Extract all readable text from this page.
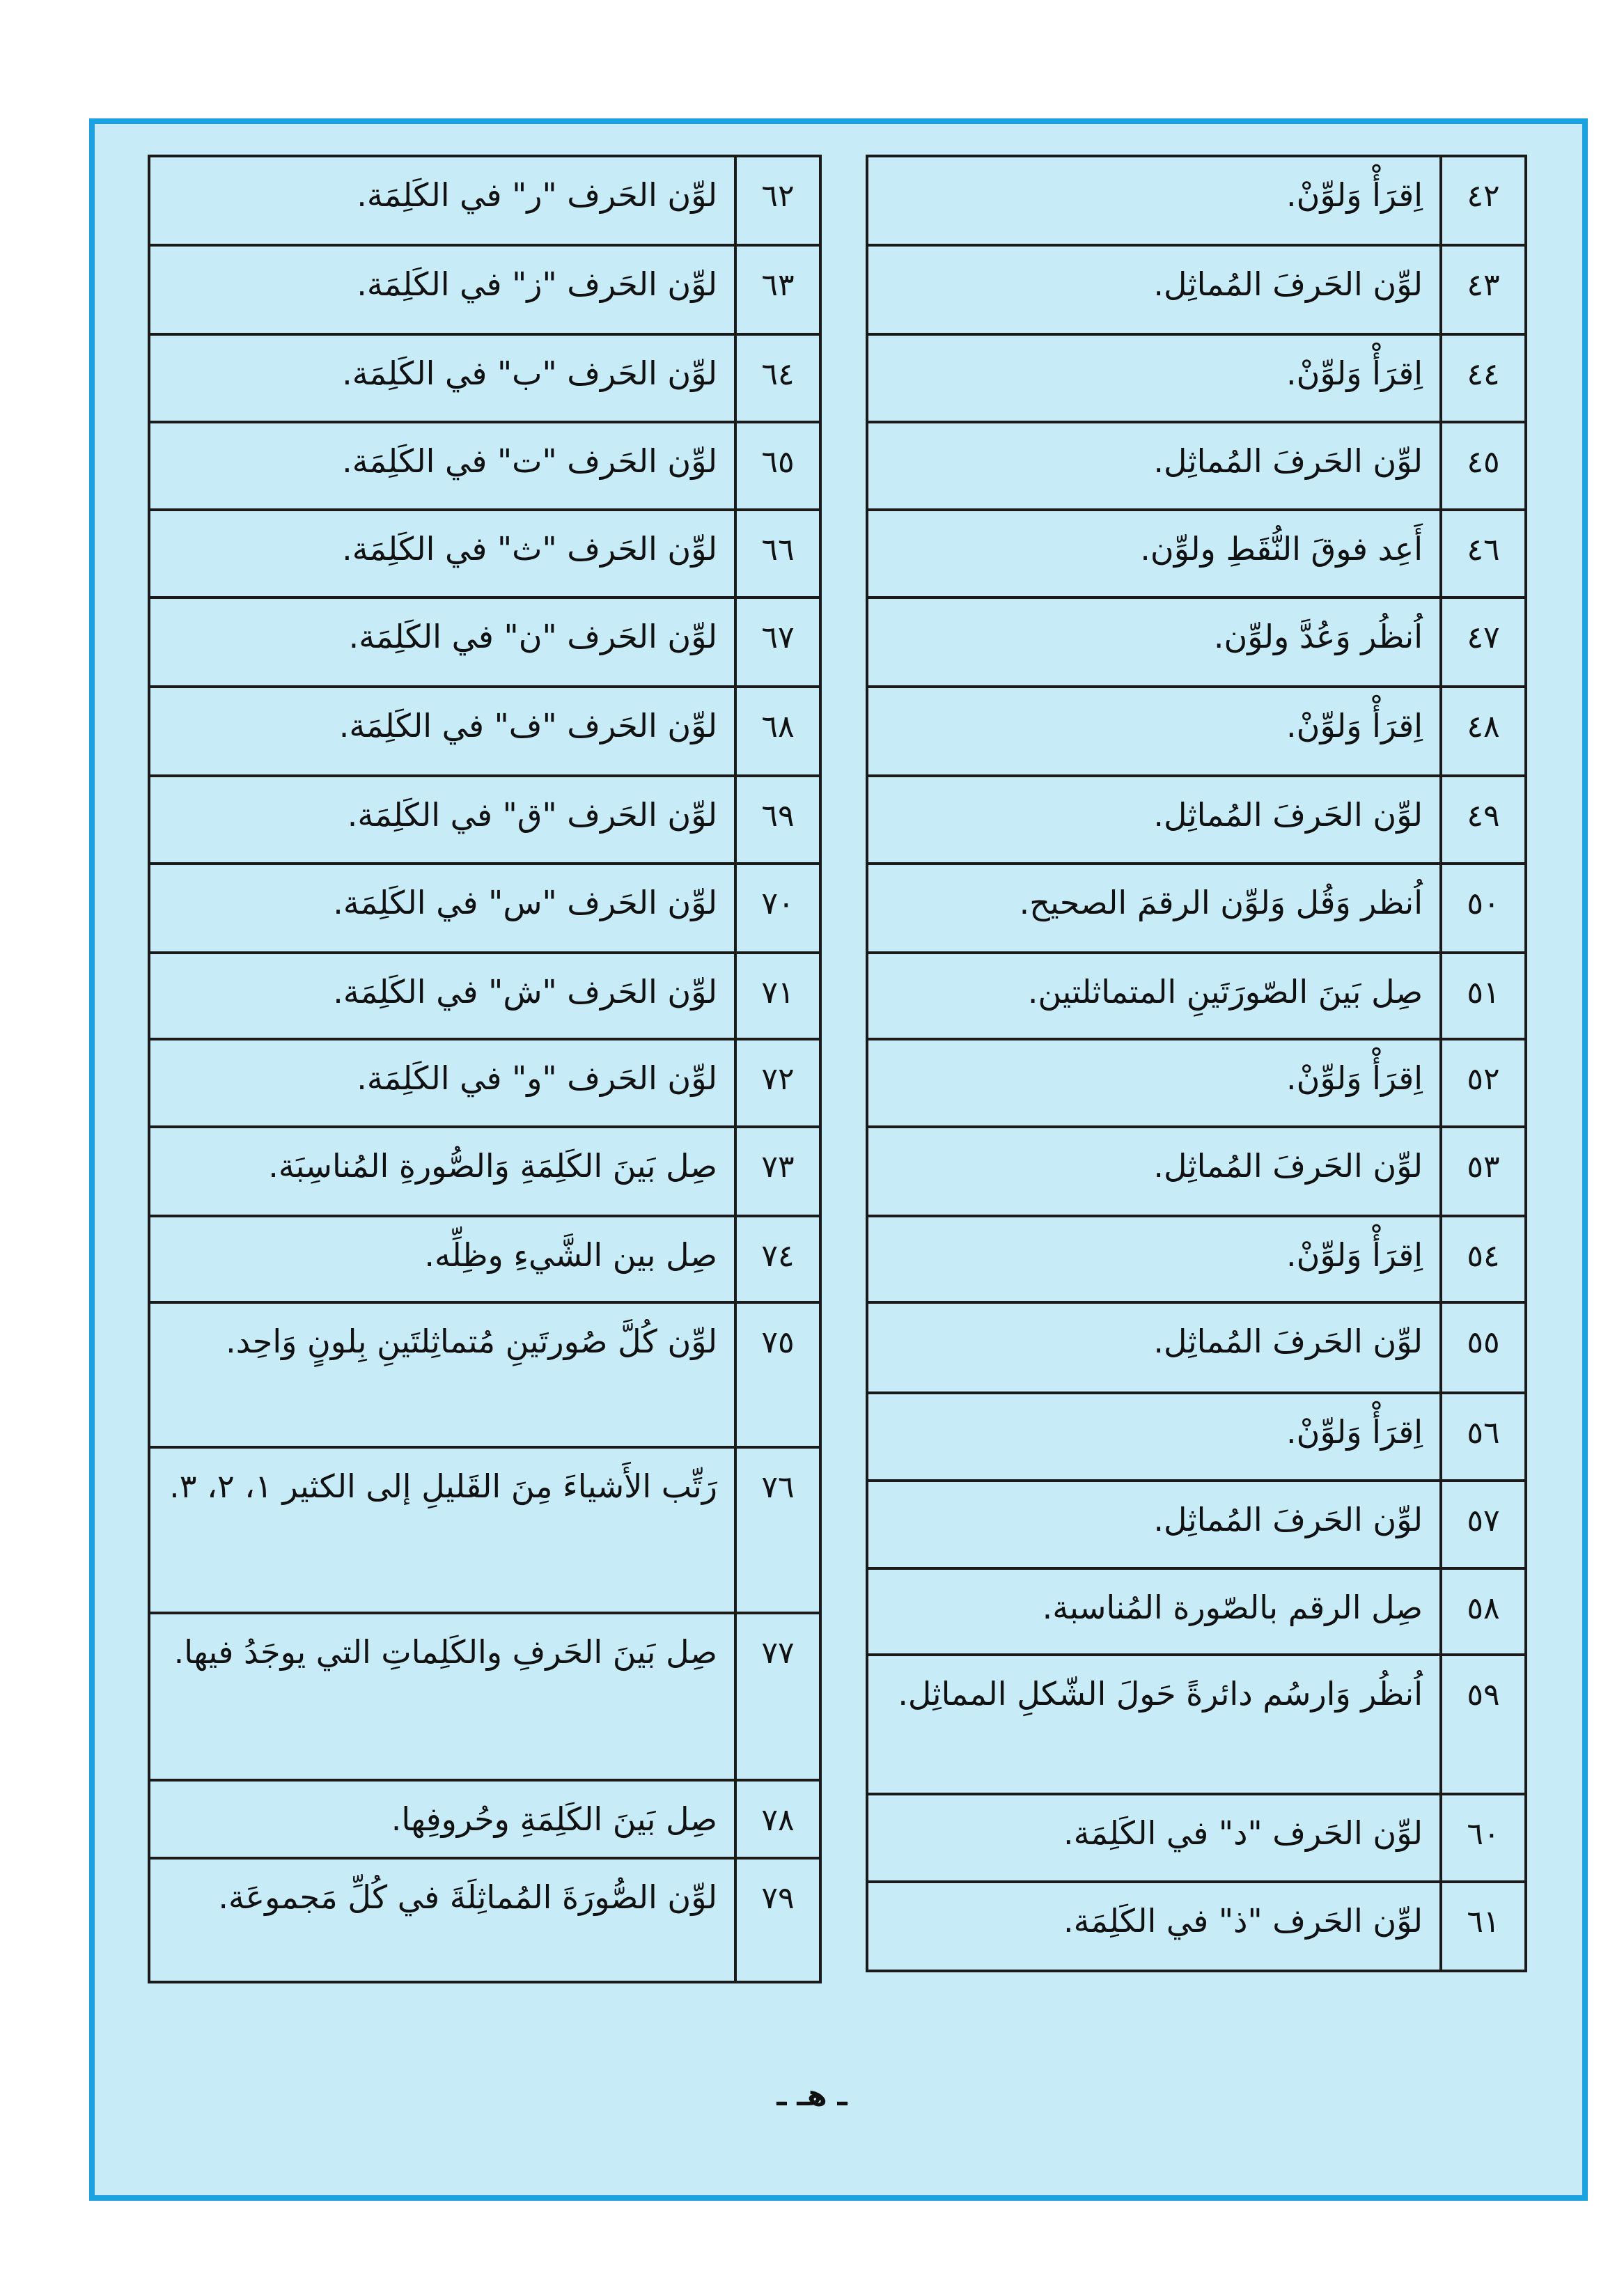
٤٢	اِقرَأْ وَلوِّنْ.
٤٣	لوِّن الحَرفَ المُماثِل.
٤٤	اِقرَأْ وَلوِّنْ.
٤٥	لوِّن الحَرفَ المُماثِل.
٤٦	أَعِد فوقَ النُّقَطِ ولوِّن.
٤٧	اُنظُر وَعُدَّ ولوِّن.
٤٨	اِقرَأْ وَلوِّنْ.
٤٩	لوِّن الحَرفَ المُماثِل.
٥٠	اُنظر وَقُل وَلوِّن الرقمَ الصحيح.
٥١	صِل بَينَ الصّورَتَينِ المتماثلتين.
٥٢	اِقرَأْ وَلوِّنْ.
٥٣	لوِّن الحَرفَ المُماثِل.
٥٤	اِقرَأْ وَلوِّنْ.
٥٥	لوِّن الحَرفَ المُماثِل.
٥٦	اِقرَأْ وَلوِّنْ.
٥٧	لوِّن الحَرفَ المُماثِل.
٥٨	صِل الرقم بالصّورة المُناسبة.
٥٩	اُنظُر وَارسُم دائرةً حَولَ الشّكلِ المماثِل.
٦٠	لوِّن الحَرف "د" في الكَلِمَة.
٦١	لوِّن الحَرف "ذ" في الكَلِمَة.
٦٢	لوِّن الحَرف "ر" في الكَلِمَة.
٦٣	لوِّن الحَرف "ز" في الكَلِمَة.
٦٤	لوِّن الحَرف "ب" في الكَلِمَة.
٦٥	لوِّن الحَرف "ت" في الكَلِمَة.
٦٦	لوِّن الحَرف "ث" في الكَلِمَة.
٦٧	لوِّن الحَرف "ن" في الكَلِمَة.
٦٨	لوِّن الحَرف "ف" في الكَلِمَة.
٦٩	لوِّن الحَرف "ق" في الكَلِمَة.
٧٠	لوِّن الحَرف "س" في الكَلِمَة.
٧١	لوِّن الحَرف "ش" في الكَلِمَة.
٧٢	لوِّن الحَرف "و" في الكَلِمَة.
٧٣	صِل بَينَ الكَلِمَةِ وَالصُّورةِ المُناسِبَة.
٧٤	صِل بين الشَّيءِ وظِلِّه.
٧٥	لوِّن كُلَّ صُورتَينِ مُتماثِلتَينِ بِلونٍ وَاحِد.
٧٦	رَتِّب الأَشياءَ مِنَ القَليلِ إلى الكثير ١، ٢، ٣.
٧٧	صِل بَينَ الحَرفِ والكَلِماتِ التي يوجَدُ فيها.
٧٨	صِل بَينَ الكَلِمَةِ وحُروفِها.
٧٩	لوِّن الصُّورَةَ المُماثِلَةَ في كُلِّ مَجموعَة.
ـ هـ ـ
